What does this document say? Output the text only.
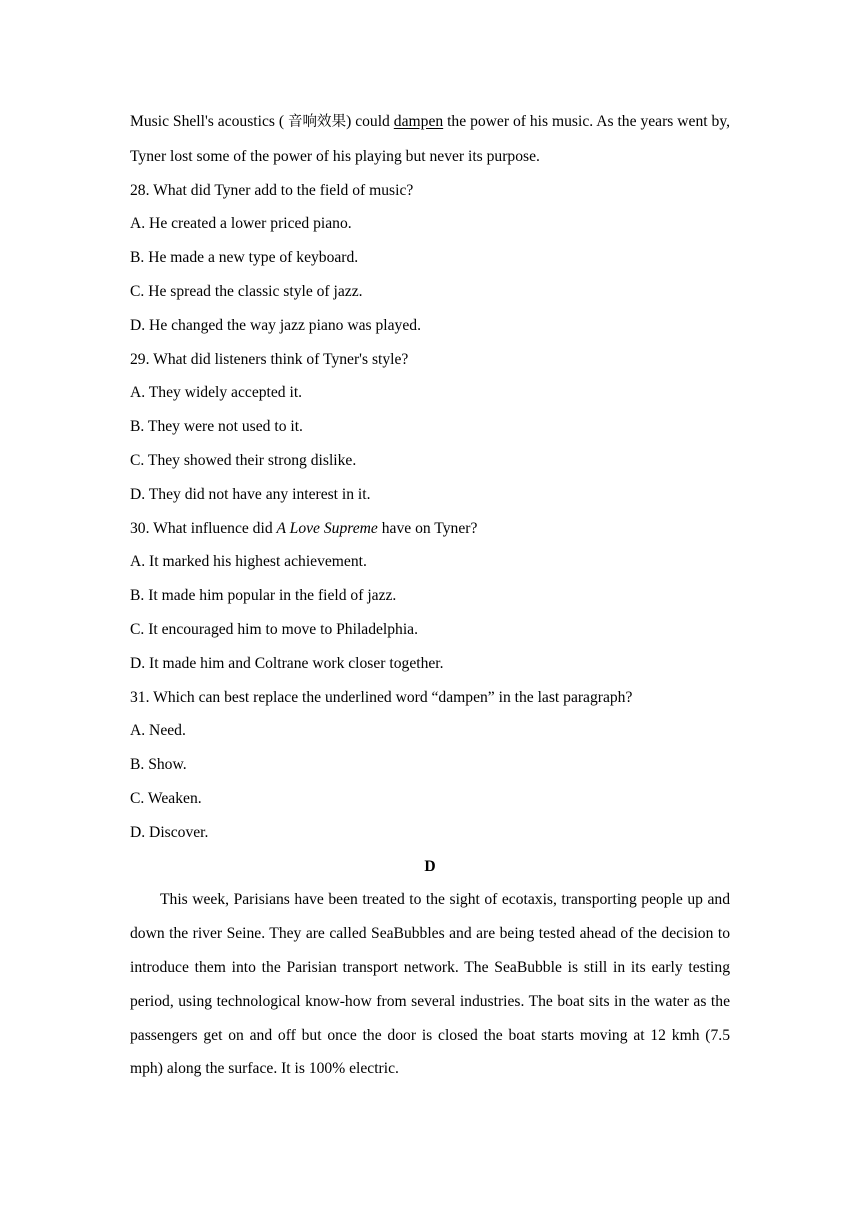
Music Shell's acoustics ( 音响效果) could dampen the power of his music. As the years went by, Tyner lost some of the power of his playing but never its purpose.

28. What did Tyner add to the field of music?

A. He created a lower priced piano.

B. He made a new type of keyboard.

C. He spread the classic style of jazz.

D. He changed the way jazz piano was played.

29. What did listeners think of Tyner's style?

A. They widely accepted it.

B. They were not used to it.

C. They showed their strong dislike.

D. They did not have any interest in it.

30. What influence did A Love Supreme have on Tyner?

A. It marked his highest achievement.

B. It made him popular in the field of jazz.

C. It encouraged him to move to Philadelphia.

D. It made him and Coltrane work closer together.

31. Which can best replace the underlined word “dampen” in the last paragraph?

A. Need.

B. Show.

C. Weaken.

D. Discover.

D

This week, Parisians have been treated to the sight of ecotaxis, transporting people up and down the river Seine. They are called SeaBubbles and are being tested ahead of the decision to introduce them into the Parisian transport network. The SeaBubble is still in its early testing period, using technological know-how from several industries. The boat sits in the water as the passengers get on and off but once the door is closed the boat starts moving at 12 kmh (7.5 mph) along the surface. It is 100% electric.
